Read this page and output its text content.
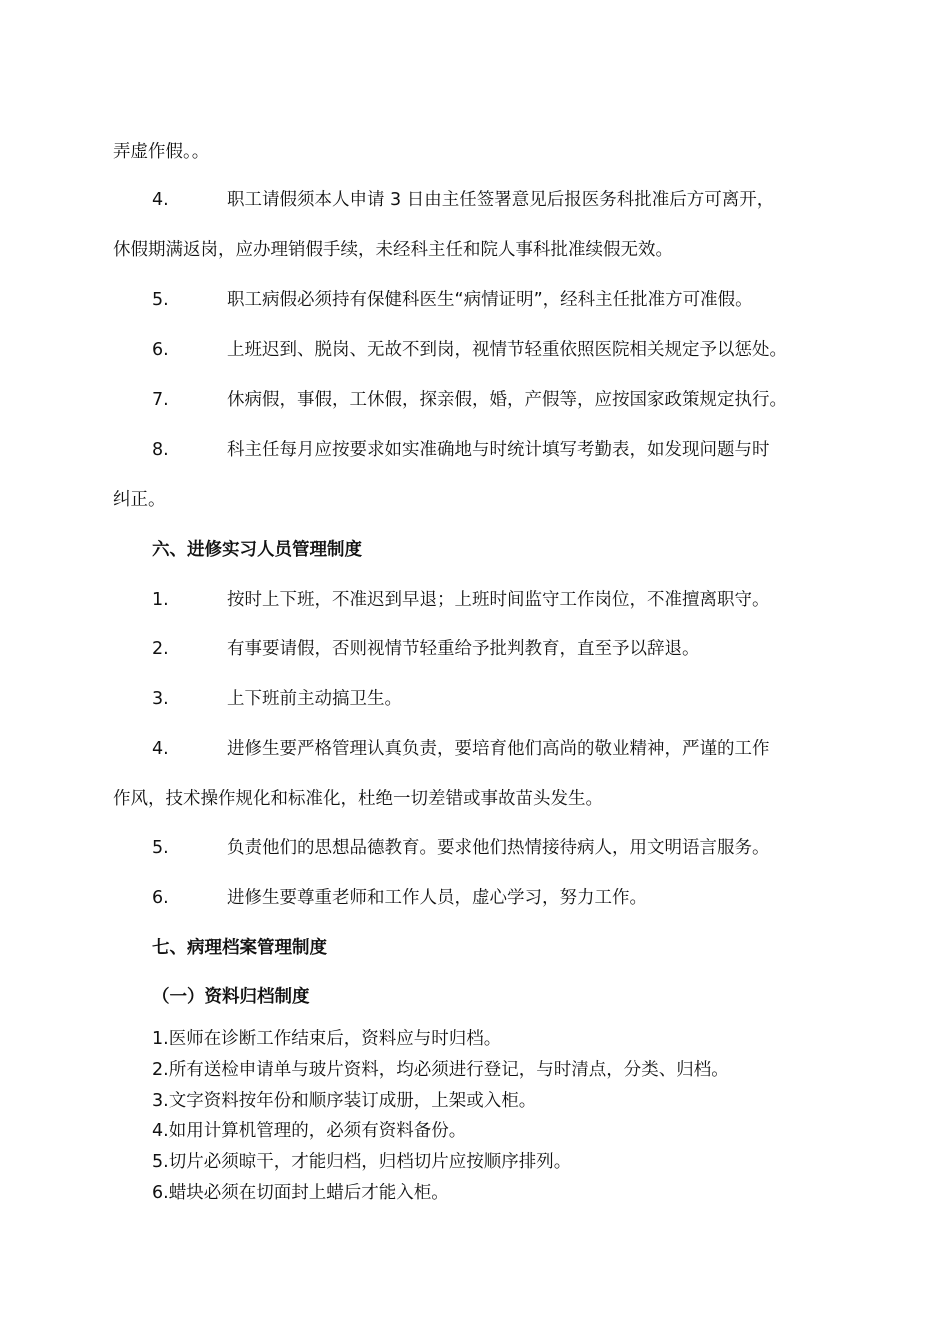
弄虚作假。。
4.	职工请假须本人申请 3 日由主任签署意见后报医务科批准后方可离开，
休假期满返岗，应办理销假手续，未经科主任和院人事科批准续假无效。
5.	职工病假必须持有保健科医生“病情证明”，经科主任批准方可准假。
6.	上班迟到、脱岗、无故不到岗，视情节轻重依照医院相关规定予以惩处。
7.	休病假，事假，工休假，探亲假，婚，产假等，应按国家政策规定执行。
8.	科主任每月应按要求如实准确地与时统计填写考勤表，如发现问题与时
纠正。
六、进修实习人员管理制度
1.	按时上下班，不准迟到早退；上班时间监守工作岗位，不准擅离职守。
2.	有事要请假，否则视情节轻重给予批判教育，直至予以辞退。
3.	上下班前主动搞卫生。
4.	进修生要严格管理认真负责，要培育他们高尚的敬业精神，严谨的工作
作风，技术操作规化和标准化，杜绝一切差错或事故苗头发生。
5.	负责他们的思想品德教育。要求他们热情接待病人，用文明语言服务。
6.	进修生要尊重老师和工作人员，虚心学习，努力工作。
七、病理档案管理制度
（一）资料归档制度
1.医师在诊断工作结束后，资料应与时归档。
2.所有送检申请单与玻片资料，均必须进行登记，与时清点，分类、归档。
3.文字资料按年份和顺序装订成册，上架或入柜。
4.如用计算机管理的，必须有资料备份。
5.切片必须晾干，才能归档，归档切片应按顺序排列。
6.蜡块必须在切面封上蜡后才能入柜。
